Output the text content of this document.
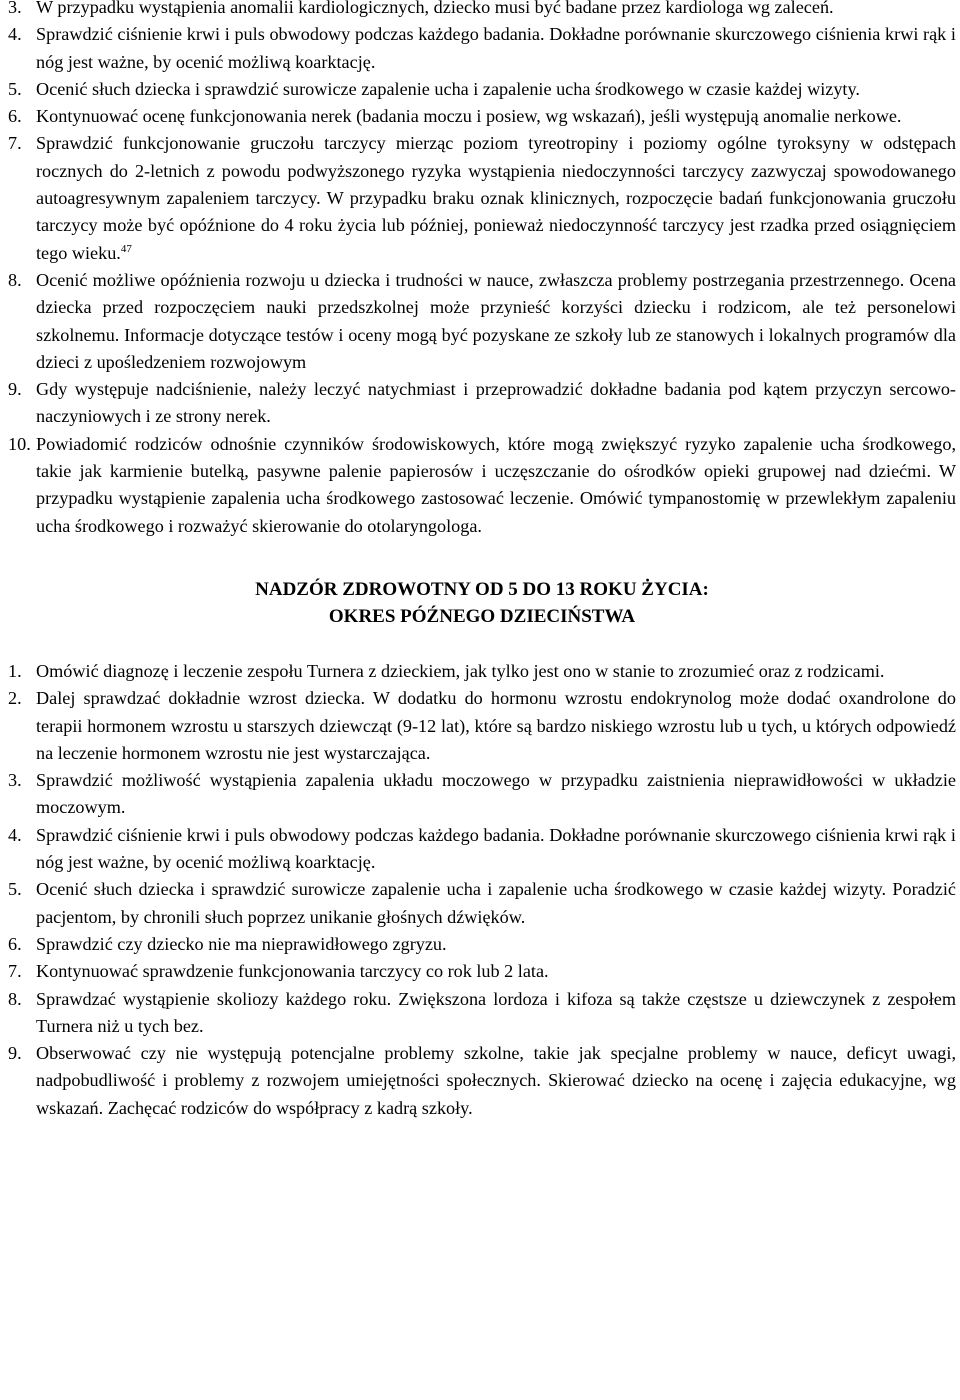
3. W przypadku wystąpienia anomalii kardiologicznych, dziecko musi być badane przez kardiologa wg zaleceń.
4. Sprawdzić ciśnienie krwi i puls obwodowy podczas każdego badania. Dokładne porównanie skurczowego ciśnienia krwi rąk i nóg jest ważne, by ocenić możliwą koarktację.
5. Ocenić słuch dziecka i sprawdzić surowicze zapalenie ucha i zapalenie ucha środkowego w czasie każdej wizyty.
6. Kontynuować ocenę funkcjonowania nerek (badania moczu i posiew, wg wskazań), jeśli występują anomalie nerkowe.
7. Sprawdzić funkcjonowanie gruczołu tarczycy mierząc poziom tyreotropiny i poziomy ogólne tyroksyny w odstępach rocznych do 2-letnich z powodu podwyższonego ryzyka wystąpienia niedoczynności tarczycy zazwyczaj spowodowanego autoagresywnym zapaleniem tarczycy. W przypadku braku oznak klinicznych, rozpoczęcie badań funkcjonowania gruczołu tarczycy może być opóźnione do 4 roku życia lub później, ponieważ niedoczynność tarczycy jest rzadka przed osiągnięciem tego wieku.$^{47}$
8. Ocenić możliwe opóźnienia rozwoju u dziecka i trudności w nauce, zwłaszcza problemy postrzegania przestrzennego. Ocena dziecka przed rozpoczęciem nauki przedszkolnej może przynieść korzyści dziecku i rodzicom, ale też personelowi szkolnemu. Informacje dotyczące testów i oceny mogą być pozyskane ze szkoły lub ze stanowych i lokalnych programów dla dzieci z upośledzeniem rozwojowym
9. Gdy występuje nadciśnienie, należy leczyć natychmiast i przeprowadzić dokładne badania pod kątem przyczyn sercowo-naczyniowych i ze strony nerek.
10. Powiadomić rodziców odnośnie czynników środowiskowych, które mogą zwiększyć ryzyko zapalenie ucha środkowego, takie jak karmienie butelką, pasywne palenie papierosów i uczęszczanie do ośrodków opieki grupowej nad dziećmi. W przypadku wystąpienie zapalenia ucha środkowego zastosować leczenie. Omówić tympanostomię w przewlekłym zapaleniu ucha środkowego i rozważyć skierowanie do otolaryngologa.
NADZÓR ZDROWOTNY OD 5 DO 13 ROKU ŻYCIA:
OKRES PÓŹNEGO DZIECIŃSTWA
1. Omówić diagnozę i leczenie zespołu Turnera z dzieckiem, jak tylko jest ono w stanie to zrozumieć oraz z rodzicami.
2. Dalej sprawdzać dokładnie wzrost dziecka. W dodatku do hormonu wzrostu endokrynolog może dodać oxandrolone do terapii hormonem wzrostu u starszych dziewcząt (9-12 lat), które są bardzo niskiego wzrostu lub u tych, u których odpowiedź na leczenie hormonem wzrostu nie jest wystarczająca.
3. Sprawdzić możliwość wystąpienia zapalenia układu moczowego w przypadku zaistnienia nieprawidłowości w układzie moczowym.
4. Sprawdzić ciśnienie krwi i puls obwodowy podczas każdego badania. Dokładne porównanie skurczowego ciśnienia krwi rąk i nóg jest ważne, by ocenić możliwą koarktację.
5. Ocenić słuch dziecka i sprawdzić surowicze zapalenie ucha i zapalenie ucha środkowego w czasie każdej wizyty. Poradzić pacjentom, by chronili słuch poprzez unikanie głośnych dźwięków.
6. Sprawdzić czy dziecko nie ma nieprawidłowego zgryzu.
7. Kontynuować sprawdzenie funkcjonowania tarczycy co rok lub 2 lata.
8. Sprawdzać wystąpienie skoliozy każdego roku. Zwiększona lordoza i kifoza są także częstsze u dziewczynek z zespołem Turnera niż u tych bez.
9. Obserwować czy nie występują potencjalne problemy szkolne, takie jak specjalne problemy w nauce, deficyt uwagi, nadpobudliwość i problemy z rozwojem umiejętności społecznych. Skierować dziecko na ocenę i zajęcia edukacyjne, wg wskazań. Zachęcać rodziców do współpracy z kadrą szkoły.
